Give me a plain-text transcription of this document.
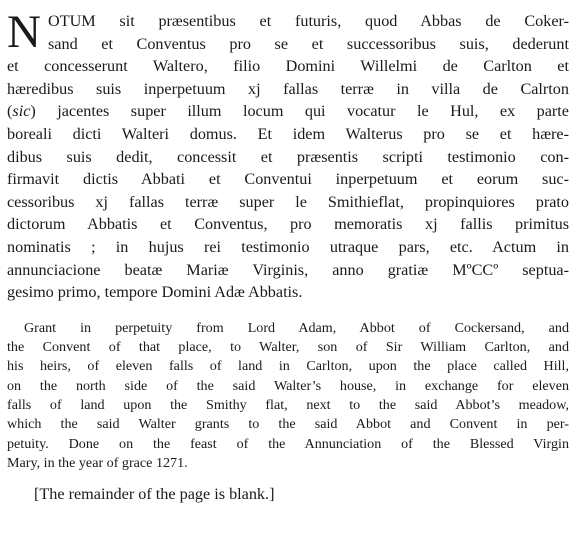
N OTUM sit præsentibus et futuris, quod Abbas de Coker-
sand et Conventus pro se et successoribus suis, dederunt
et concesserunt Waltero, filio Domini Willelmi de Carlton et
hæredibus suis inperpetuum xj fallas terræ in villa de Calrton
(sic) jacentes super illum locum qui vocatur le Hul, ex parte
boreali dicti Walteri domus. Et idem Walterus pro se et hære-
dibus suis dedit, concessit et præsentis scripti testimonio con-
firmavit dictis Abbati et Conventui inperpetuum et eorum suc-
cessoribus xj fallas terræ super le Smithieflat, propinquiores prato
dictorum Abbatis et Conventus, pro memoratis xj fallis primitus
nominatis ; in hujus rei testimonio utraque pars, etc. Actum in
annunciacione beatæ Mariæ Virginis, anno gratiæ MºCCº septua-
gesimo primo, tempore Domini Adæ Abbatis.
Grant in perpetuity from Lord Adam, Abbot of Cockersand, and
the Convent of that place, to Walter, son of Sir William Carlton, and
his heirs, of eleven falls of land in Carlton, upon the place called Hill,
on the north side of the said Walter’s house, in exchange for eleven
falls of land upon the Smithy flat, next to the said Abbot’s meadow,
which the said Walter grants to the said Abbot and Convent in per-
petuity. Done on the feast of the Annunciation of the Blessed Virgin
Mary, in the year of grace 1271.
[The remainder of the page is blank.]
